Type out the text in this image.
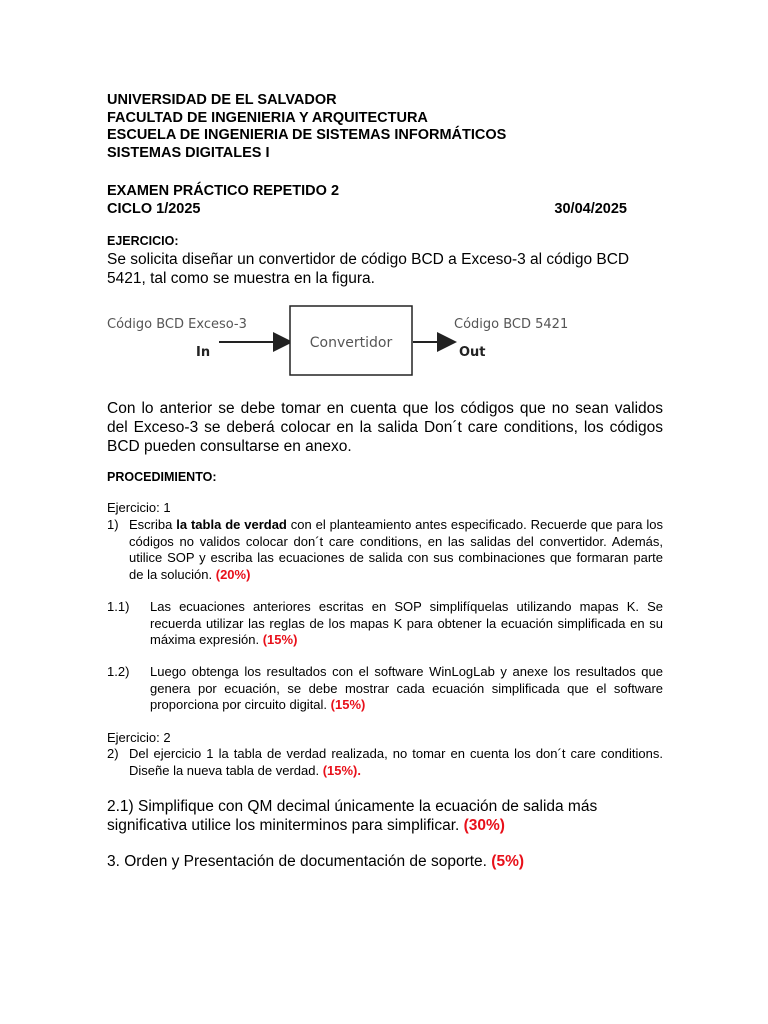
UNIVERSIDAD DE EL SALVADOR
FACULTAD DE INGENIERIA Y ARQUITECTURA
ESCUELA DE INGENIERIA DE SISTEMAS INFORMÁTICOS
SISTEMAS DIGITALES I
EXAMEN PRÁCTICO REPETIDO 2
CICLO 1/2025	30/04/2025
EJERCICIO:
Se solicita diseñar un convertidor de código BCD a Exceso-3 al código BCD 5421, tal como se muestra en la figura.
Código BCD Exceso-3
In
Convertidor
Código BCD 5421
Out
Con lo anterior se debe tomar en cuenta que los códigos que no sean validos del Exceso-3 se deberá colocar en la salida Don´t care conditions, los códigos BCD pueden consultarse en anexo.
PROCEDIMIENTO:
Ejercicio: 1
1) Escriba la tabla de verdad con el planteamiento antes especificado. Recuerde que para los códigos no validos colocar don´t care conditions, en las salidas del convertidor. Además, utilice SOP y escriba las ecuaciones de salida con sus combinaciones que formaran parte de la solución. (20%)
1.1) Las ecuaciones anteriores escritas en SOP simplifíquelas utilizando mapas K. Se recuerda utilizar las reglas de los mapas K para obtener la ecuación simplificada en su máxima expresión. (15%)
1.2) Luego obtenga los resultados con el software WinLogLab y anexe los resultados que genera por ecuación, se debe mostrar cada ecuación simplificada que el software proporciona por circuito digital. (15%)
Ejercicio: 2
2) Del ejercicio 1 la tabla de verdad realizada, no tomar en cuenta los don´t care conditions. Diseñe la nueva tabla de verdad. (15%).
2.1) Simplifique con QM decimal únicamente la ecuación de salida más significativa utilice los miniterminos para simplificar. (30%)
3. Orden y Presentación de documentación de soporte. (5%)
